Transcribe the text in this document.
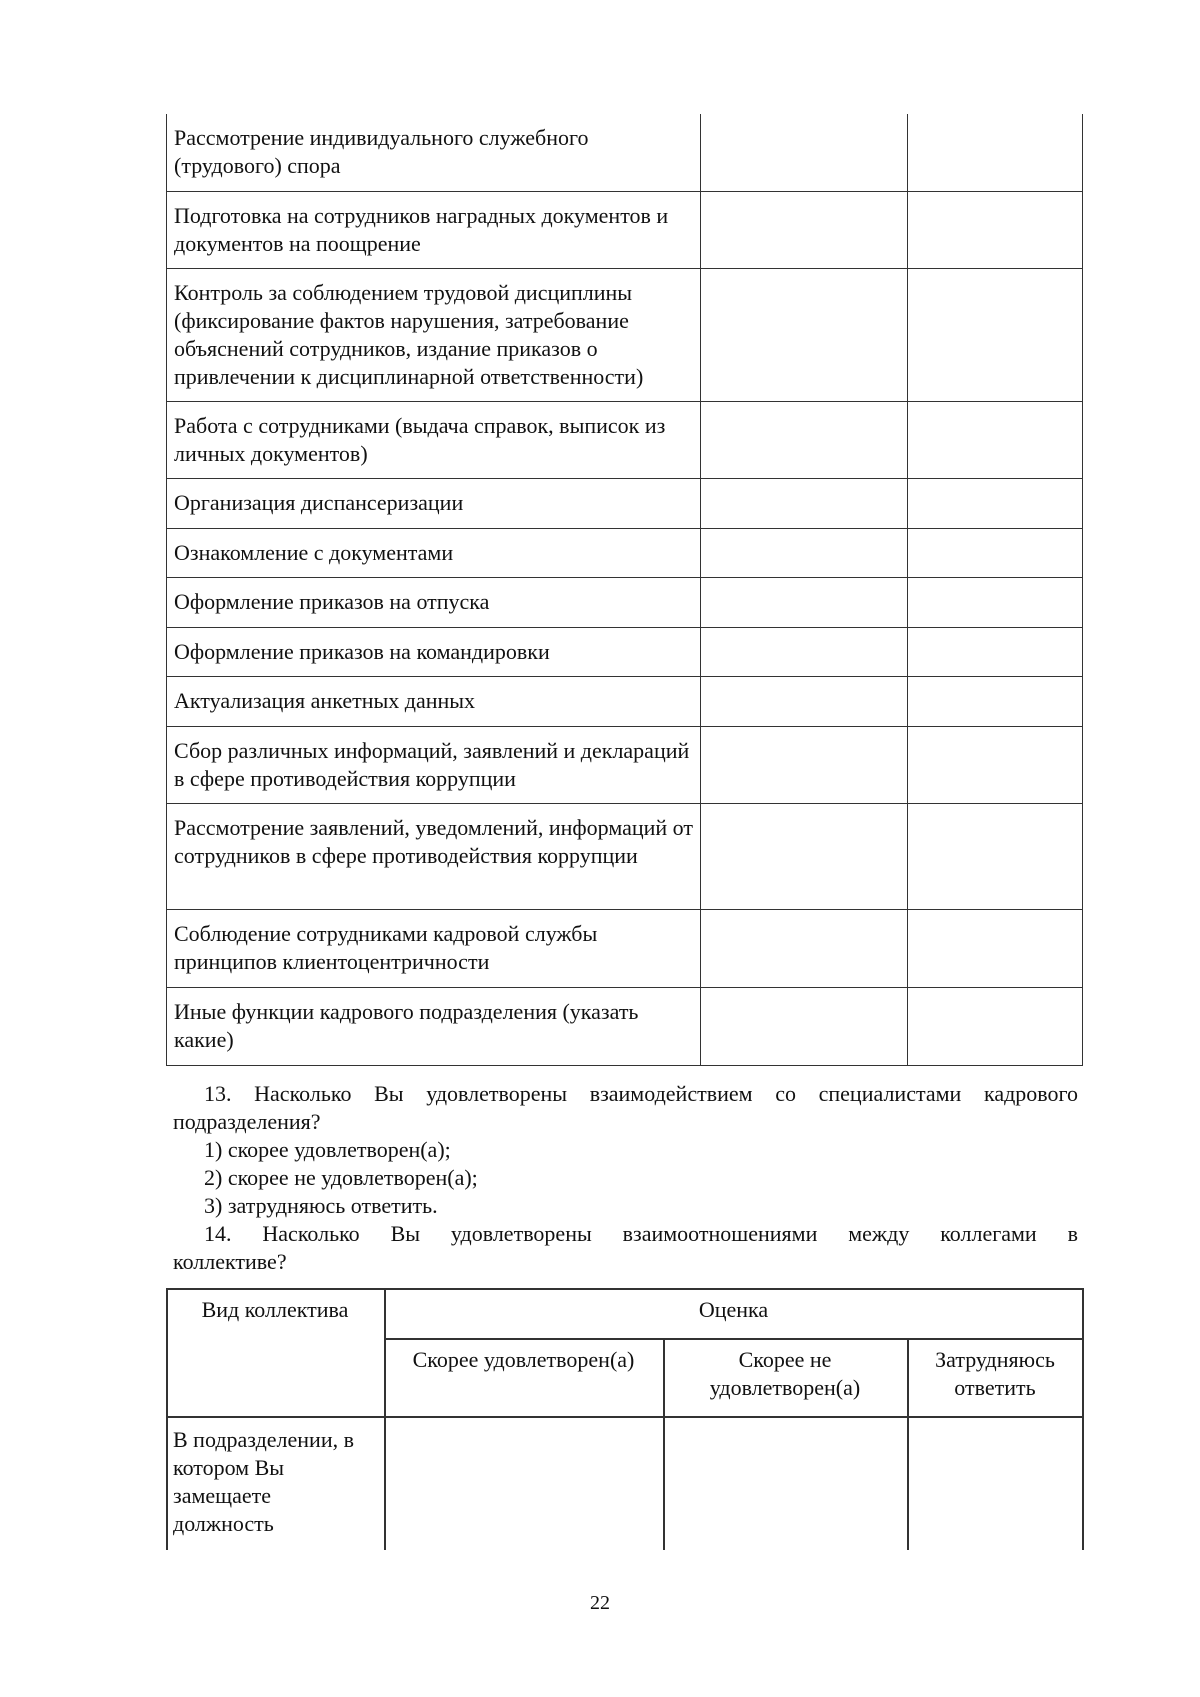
Рассмотрение индивидуального служебного (трудового) спора
Подготовка на сотрудников наградных документов и документов на поощрение
Контроль за соблюдением трудовой дисциплины (фиксирование фактов нарушения, затребование объяснений сотрудников, издание приказов о привлечении к дисциплинарной ответственности)
Работа с сотрудниками (выдача справок, выписок из личных документов)
Организация диспансеризации
Ознакомление с документами
Оформление приказов на отпуска
Оформление приказов на командировки
Актуализация анкетных данных
Сбор различных информаций, заявлений и деклараций в сфере противодействия коррупции
Рассмотрение заявлений, уведомлений, информаций от сотрудников в сфере противодействия коррупции
Соблюдение сотрудниками кадровой службы принципов клиентоцентричности
Иные функции кадрового подразделения (указать какие)
13. Насколько Вы удовлетворены взаимодействием со специалистами кадрового
подразделения?
1) скорее удовлетворен(а);
2) скорее не удовлетворен(а);
3) затрудняюсь ответить.
14. Насколько Вы удовлетворены взаимоотношениями между коллегами в
коллективе?
Вид коллектива	Оценка
Скорее удовлетворен(а)	Скорее не удовлетворен(а)
Затрудняюсь ответить
В подразделении, в котором Вы замещаете должность
22
